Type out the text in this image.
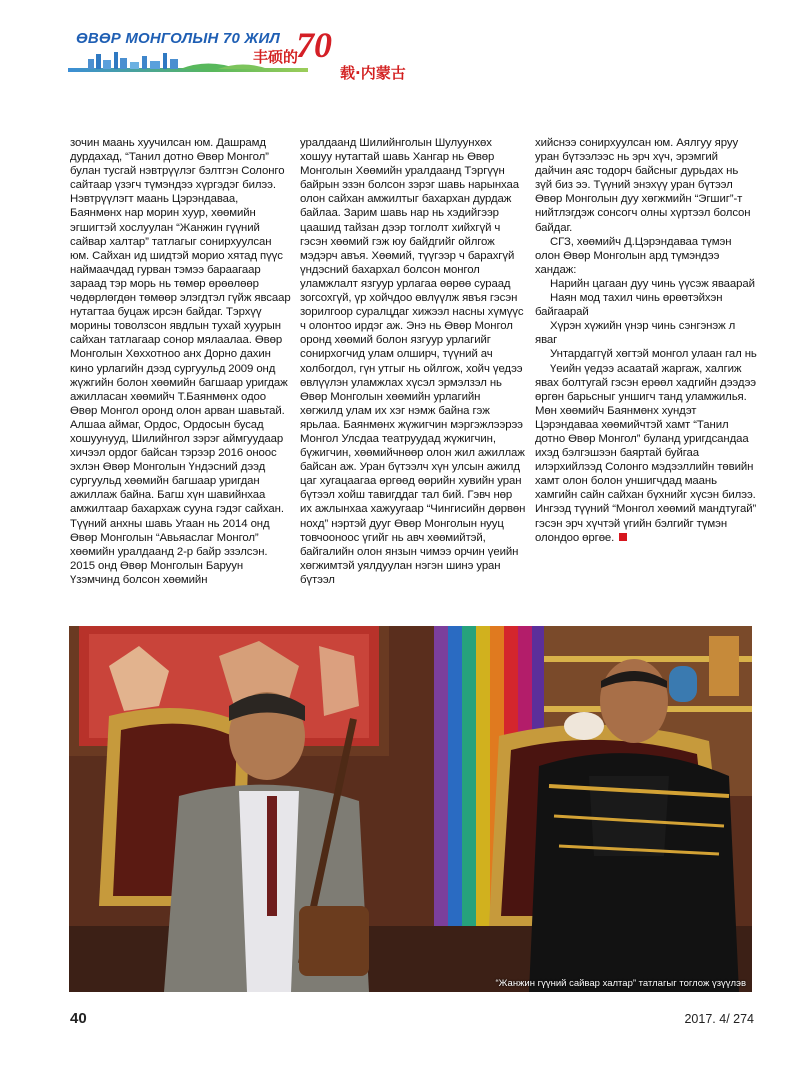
ӨВӨР МОНГОЛЫН 70 ЖИЛ
丰硕的
70
载·内蒙古

зочин маань хуучилсан юм. Дашрамд дурдахад, “Танил дотно Өвөр Монгол” булан тусгай нэвтрүүлэг бэлтгэн Солонго сайтаар үзэгч түмэндээ хүргэдэг билээ. Нэвтрүүлэгт маань Цэрэндаваа, Баянмөнх нар морин хуур, хөөмийн эгшигтэй хослуулан “Жанжин гүүний сайвар халтар” татлагыг сонирхуулсан юм. Сайхан ид шидтэй морио хятад пүүс наймаачдад гурван тэмээ бараагаар зараад тэр морь нь төмөр өрөөлөөр чөдөрлөгдөн төмөөр элэгдтэл гүйж явсаар нутагтаа буцаж ирсэн байдаг. Тэрхүү морины товолзсон явдлын тухай хуурын сайхан татлагаар сонор мялаалаа. Өвөр Монголын Хөххотноо анх Дорно дахин кино урлагийн дээд сургуульд 2009 онд жүжгийн болон хөөмийн багшаар уригдаж ажилласан хөөмийч Т.Баянмөнх одоо Өвөр Монгол оронд олон арван шавьтай. Алшаа аймаг, Ордос, Ордосын бусад хошуунууд, Шилийнгол зэрэг аймгуудаар хичээл ордог байсан тэрээр 2016 оноос эхлэн Өвөр Монголын Үндэсний дээд сургуульд хөөмийн багшаар уригдан ажиллаж байна. Багш хүн шавийнхаа амжилтаар бахархаж сууна гэдэг сайхан. Түүний анхны шавь Угаан нь 2014 онд Өвөр Монголын “Авьяаслаг Монгол” хөөмийн уралдаанд 2-р байр эзэлсэн. 2015 онд Өвөр Монголын Баруун Үзэмчинд болсон хөөмийн

уралдаанд Шилийнголын Шулуунхөх хошуу нутагтай шавь Хангар нь Өвөр Монголын Хөөмийн уралдаанд Тэргүүн байрын эзэн болсон зэрэг шавь нарынхаа олон сайхан амжилтыг бахархан дурдаж байлаа. Зарим шавь нар нь хэдийгээр цаашид тайзан дээр тоглолт хийхгүй ч гэсэн хөөмий гэж юу байдгийг ойлгож мэдэрч авъя. Хөөмий, түүгээр ч барахгүй үндэсний бахархал болсон монгол уламжлалт язгуур урлагаа өөрөө сураад зогсохгүй, үр хойчдоо өвлүүлж явъя гэсэн зорилгоор суралцдаг хижээл насны хүмүүс ч олонтоо ирдэг аж. Энэ нь Өвөр Монгол оронд хөөмий болон язгуур урлагийг сонирхогчид улам олширч, түүний ач холбогдол, гүн утгыг нь ойлгож, хойч үедээ өвлүүлэн уламжлах хүсэл эрмэлзэл нь Өвөр Монголын хөөмийн урлагийн хөгжилд улам их хэг нэмж байна гэж ярьлаа. Баянмөнх жүжигчин мэргэжлээрээ Монгол Улсдаа театруудад жүжигчин, бүжигчин, хөөмийчнөөр олон жил ажиллаж байсан аж. Уран бүтээлч хүн улсын ажилд цаг хугацаагаа өргөөд өөрийн хувийн уран бүтээл хойш тавигддаг тал бий. Гэвч нөр их ажлынхаа хажуугаар “Чингисийн дөрвөн нохд” нэртэй дууг Өвөр Монголын нууц товчооноос үгийг нь авч хөөмийтэй, байгалийн олон янзын чимээ орчин үеийн хөгжимтэй уялдуулан нэгэн шинэ уран бүтээл

хийснээ сонирхуулсан юм. Аялгуу яруу уран бүтээлээс нь эрч хүч, эрэмгий дайчин аяс тодорч байсныг дурьдах нь зүй биз ээ. Түүний энэхүү уран бүтээл Өвөр Монголын дуу хөгжмийн “Эгшиг”-т нийтлэгдэж сонсогч олны хүртээл болсон байдаг.

СГЗ, хөөмийч Д.Цэрэндаваа түмэн олон Өвөр Монголын ард түмэндээ хандаж:

Нарийн цагаан дуу чинь үүсэж яваарай

Наян мод тахил чинь өрөөтэйхэн байгаарай

Хүрэн хүжийн үнэр чинь сэнгэнэж л яваг

Унтардаггүй хөгтэй монгол улаан гал нь

Үеийн үедээ асаатай жаргаж, халгиж явах болтугай гэсэн ерөөл хадгийн дээдээ өргөн барьсныг уншигч танд уламжилья. Мөн хөөмийч Баянмөнх хундэт Цэрэндаваа хөөмийчтэй хамт “Танил дотно Өвөр Монгол” буланд уригдсандаа ихэд бэлгэшээн баяртай буйгаа илэрхийлээд Солонго мэдээллийн төвийн хамт олон болон уншигчдад маань хамгийн сайн сайхан бүхнийг хүсэн билээ. Ингээд түүний “Монгол хөөмий мандтугай” гэсэн эрч хүчтэй үгийн бэлгийг түмэн олондоо өргөе.

“Жанжин гүүний сайвар халтар” татлагыг тоглож үзүүлэв
40	2017. 4/ 274
